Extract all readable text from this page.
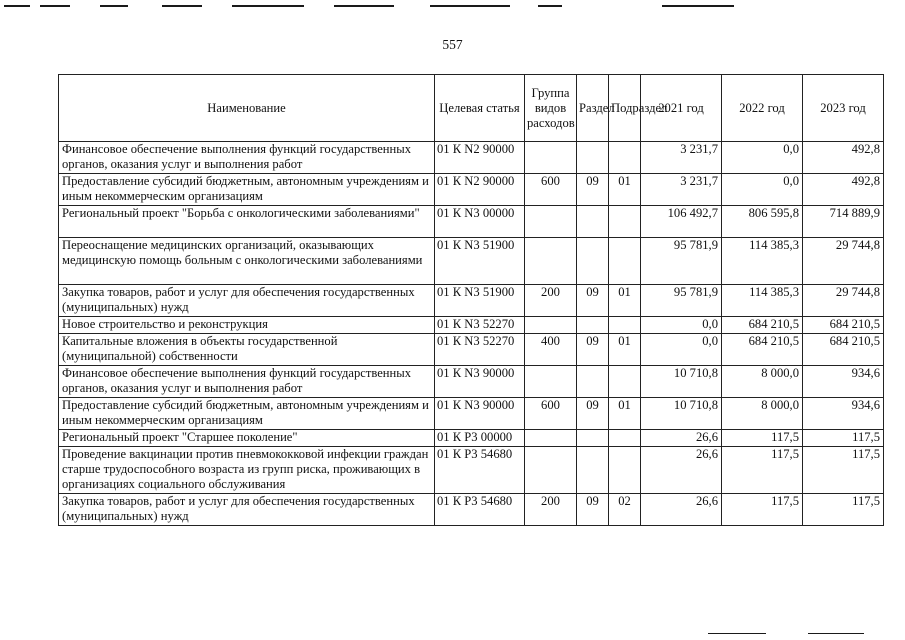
557
Наименование	Целевая статья	Группа видов расходов	Раздел	Подраздел	2021 год	2022 год	2023 год
Финансовое обеспечение выполнения функций государственных органов, оказания услуг и выполнения работ	01 К N2 90000				3 231,7	0,0	492,8
Предоставление субсидий бюджетным, автономным учреждениям и иным некоммерческим организациям	01 К N2 90000	600	09	01	3 231,7	0,0	492,8
Региональный проект "Борьба с онкологическими заболеваниями"	01 К N3 00000				106 492,7	806 595,8	714 889,9
Переоснащение медицинских организаций, оказывающих медицинскую помощь больным с онкологическими заболеваниями	01 К N3 51900				95 781,9	114 385,3	29 744,8
Закупка товаров, работ и услуг для обеспечения государственных (муниципальных) нужд	01 К N3 51900	200	09	01	95 781,9	114 385,3	29 744,8
Новое строительство и реконструкция	01 К N3 52270				0,0	684 210,5	684 210,5
Капитальные вложения в объекты государственной (муниципальной) собственности	01 К N3 52270	400	09	01	0,0	684 210,5	684 210,5
Финансовое обеспечение выполнения функций государственных органов, оказания услуг и выполнения работ	01 К N3 90000				10 710,8	8 000,0	934,6
Предоставление субсидий бюджетным, автономным учреждениям и иным некоммерческим организациям	01 К N3 90000	600	09	01	10 710,8	8 000,0	934,6
Региональный проект "Старшее поколение"	01 К P3 00000				26,6	117,5	117,5
Проведение вакцинации против пневмококковой инфекции граждан старше трудоспособного возраста из групп риска, проживающих в организациях социального обслуживания	01 К P3 54680				26,6	117,5	117,5
Закупка товаров, работ и услуг для обеспечения государственных (муниципальных) нужд	01 К P3 54680	200	09	02	26,6	117,5	117,5
